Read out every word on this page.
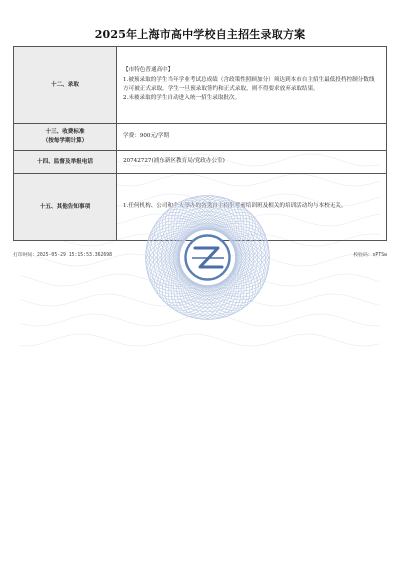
2025年上海市高中学校自主招生录取方案
十二、录取	【市特色普通高中】

1.被预录取的学生当年学业考试总成绩（含政策性照顾加分）须达到本市自主招生最低投档控制分数线方可被正式录取。学生一旦预录取签约和正式录取，则不得要求放弃录取结果。

2.未被录取的学生自动进入统一招生录取批次。

十三、收费标准
（按每学期计算）	学费：900元/学期

十四、监督及举报电话	20742727(浦东新区教育局/党政办公室)

十五、其他告知事项	1.任何机构、公司和个人举办的各类自主招生考前培训班及相关的培训活动均与本校无关。

打印时间：2025-05-29 15:15:53.362698	校验码：sPTSw
